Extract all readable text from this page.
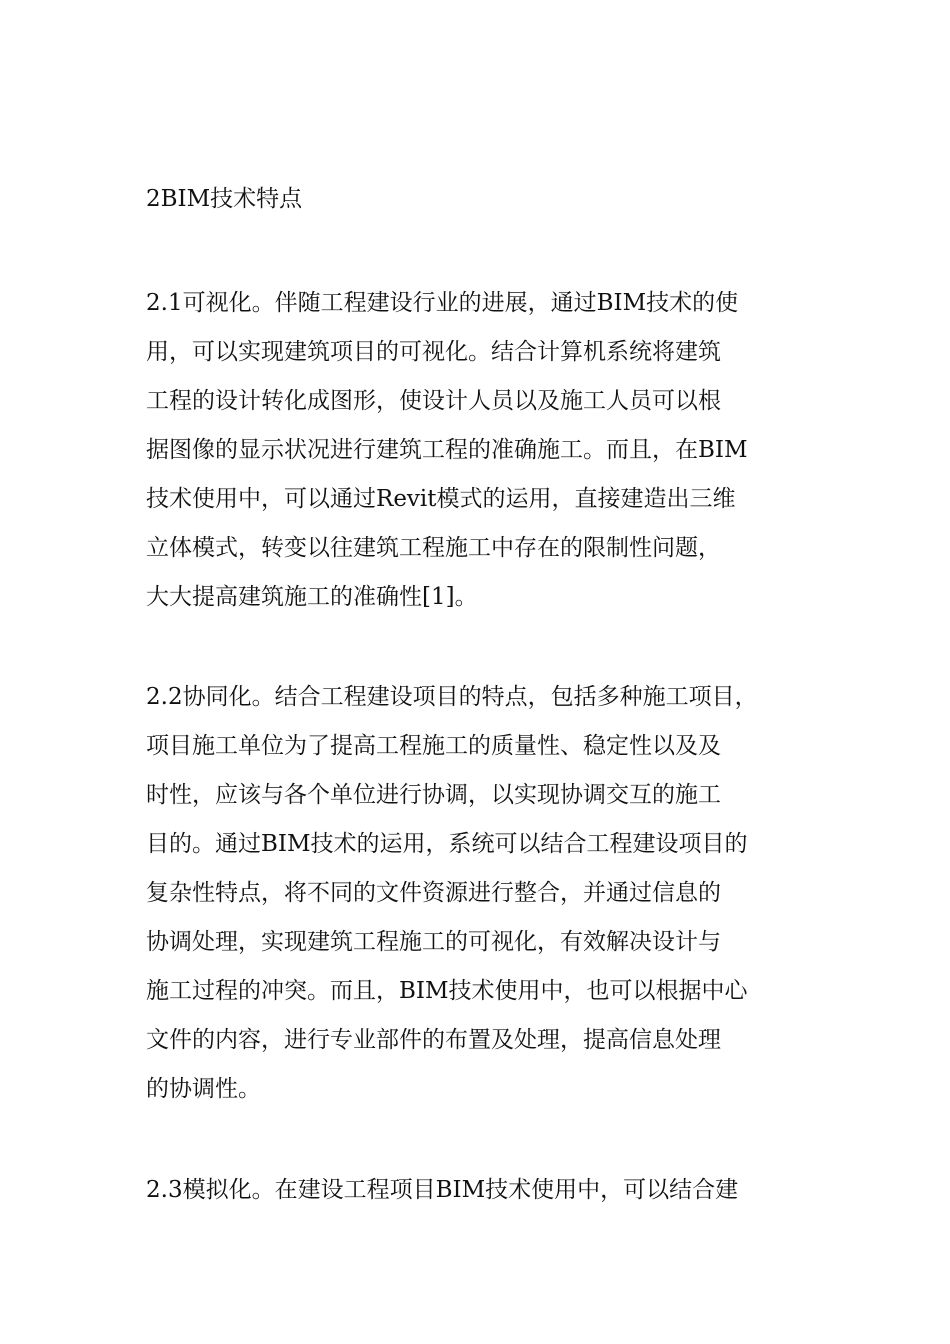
2BIM技术特点
2.1可视化。伴随工程建设行业的进展，通过BIM技术的使
用，可以实现建筑项目的可视化。结合计算机系统将建筑
工程的设计转化成图形，使设计人员以及施工人员可以根
据图像的显示状况进行建筑工程的准确施工。而且，在BIM
技术使用中，可以通过Revit模式的运用，直接建造出三维
立体模式，转变以往建筑工程施工中存在的限制性问题，
大大提高建筑施工的准确性[1]。
2.2协同化。结合工程建设项目的特点，包括多种施工项目，
项目施工单位为了提高工程施工的质量性、稳定性以及及
时性，应该与各个单位进行协调，以实现协调交互的施工
目的。通过BIM技术的运用，系统可以结合工程建设项目的
复杂性特点，将不同的文件资源进行整合，并通过信息的
协调处理，实现建筑工程施工的可视化，有效解决设计与
施工过程的冲突。而且，BIM技术使用中，也可以根据中心
文件的内容，进行专业部件的布置及处理，提高信息处理
的协调性。
2.3模拟化。在建设工程项目BIM技术使用中，可以结合建
